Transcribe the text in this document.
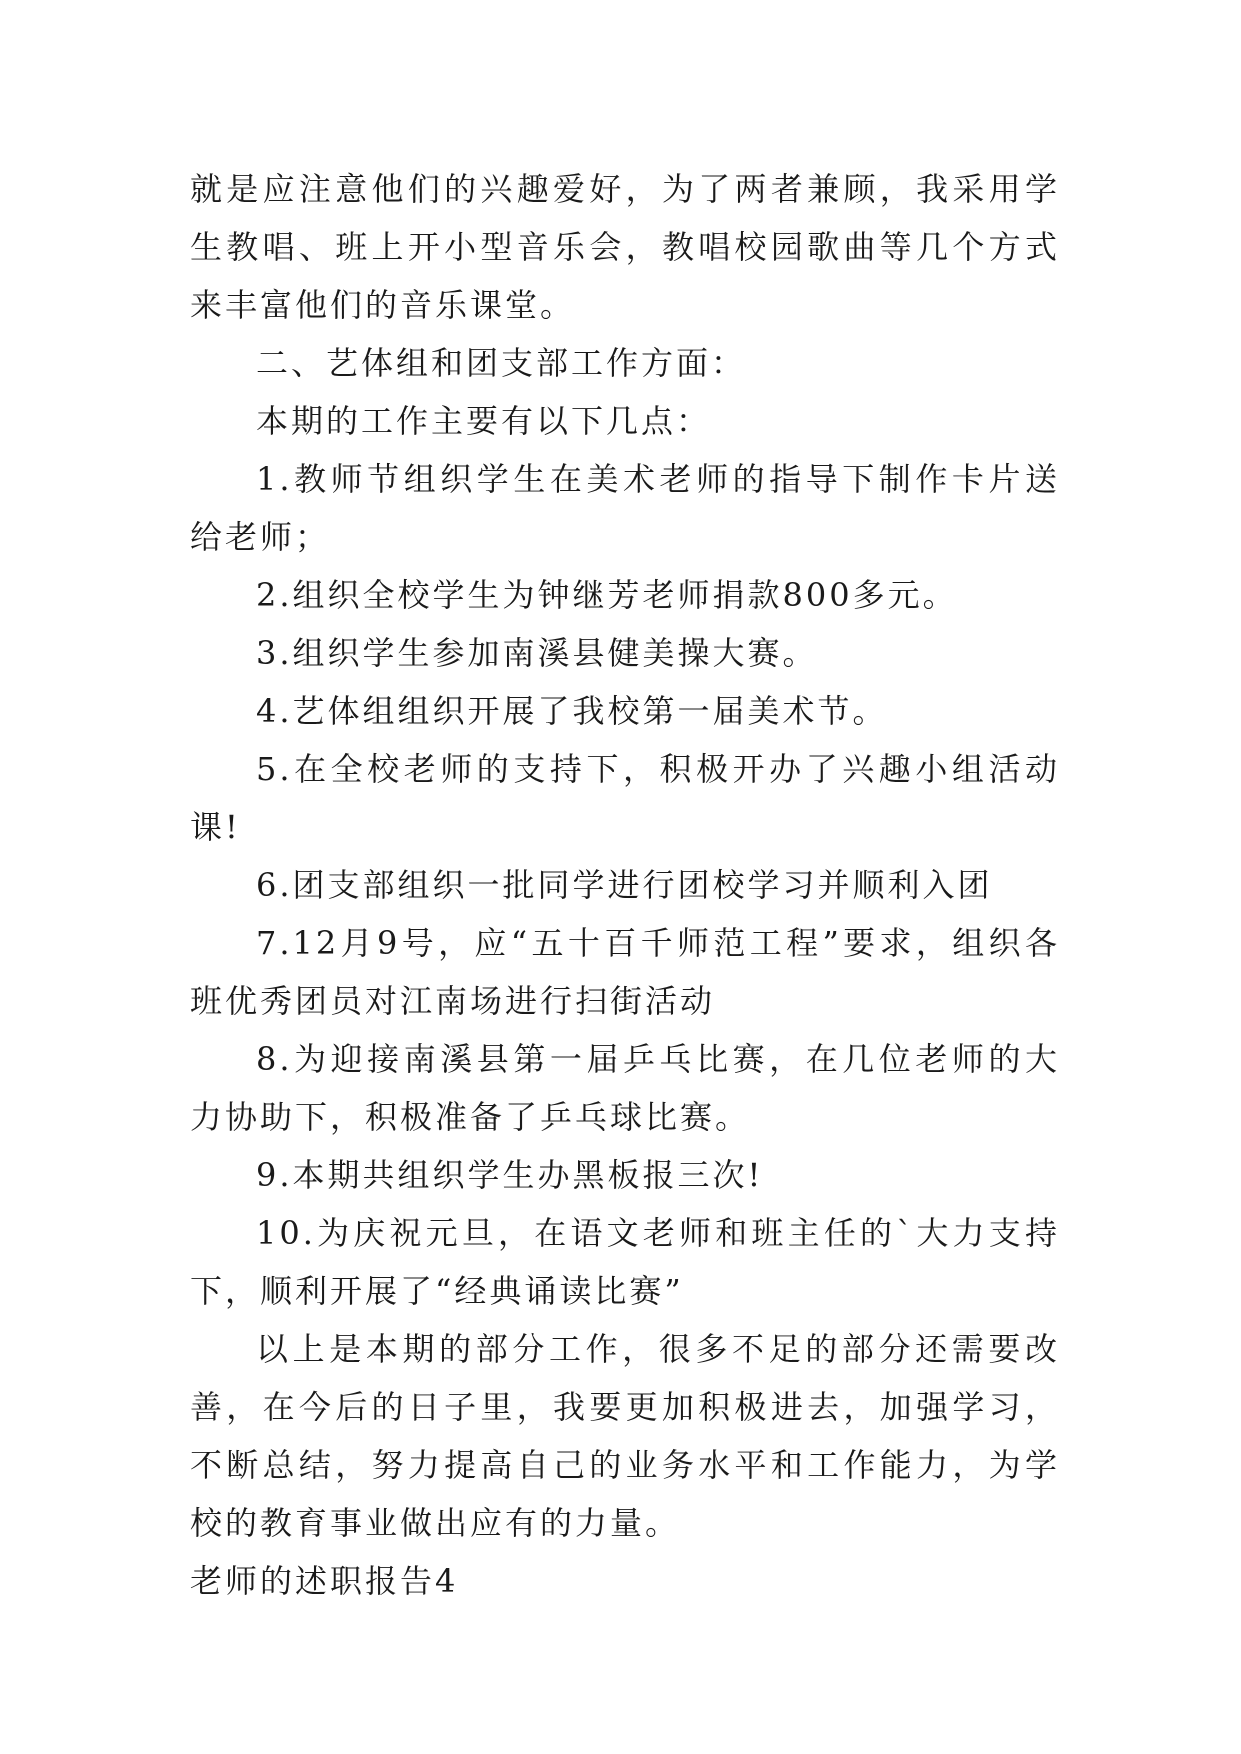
就是应注意他们的兴趣爱好，为了两者兼顾，我采用学生教唱、班上开小型音乐会，教唱校园歌曲等几个方式来丰富他们的音乐课堂。

二、艺体组和团支部工作方面：

本期的工作主要有以下几点：

1.教师节组织学生在美术老师的指导下制作卡片送给老师；

2.组织全校学生为钟继芳老师捐款800多元。

3.组织学生参加南溪县健美操大赛。

4.艺体组组织开展了我校第一届美术节。

5.在全校老师的支持下，积极开办了兴趣小组活动课!

6.团支部组织一批同学进行团校学习并顺利入团

7.12月9号，应“五十百千师范工程”要求，组织各班优秀团员对江南场进行扫街活动

8.为迎接南溪县第一届乒乓比赛，在几位老师的大力协助下，积极准备了乒乓球比赛。

9.本期共组织学生办黑板报三次!

10.为庆祝元旦，在语文老师和班主任的`大力支持下，顺利开展了“经典诵读比赛”

以上是本期的部分工作，很多不足的部分还需要改善，在今后的日子里，我要更加积极进去，加强学习，不断总结，努力提高自己的业务水平和工作能力，为学校的教育事业做出应有的力量。

老师的述职报告4
